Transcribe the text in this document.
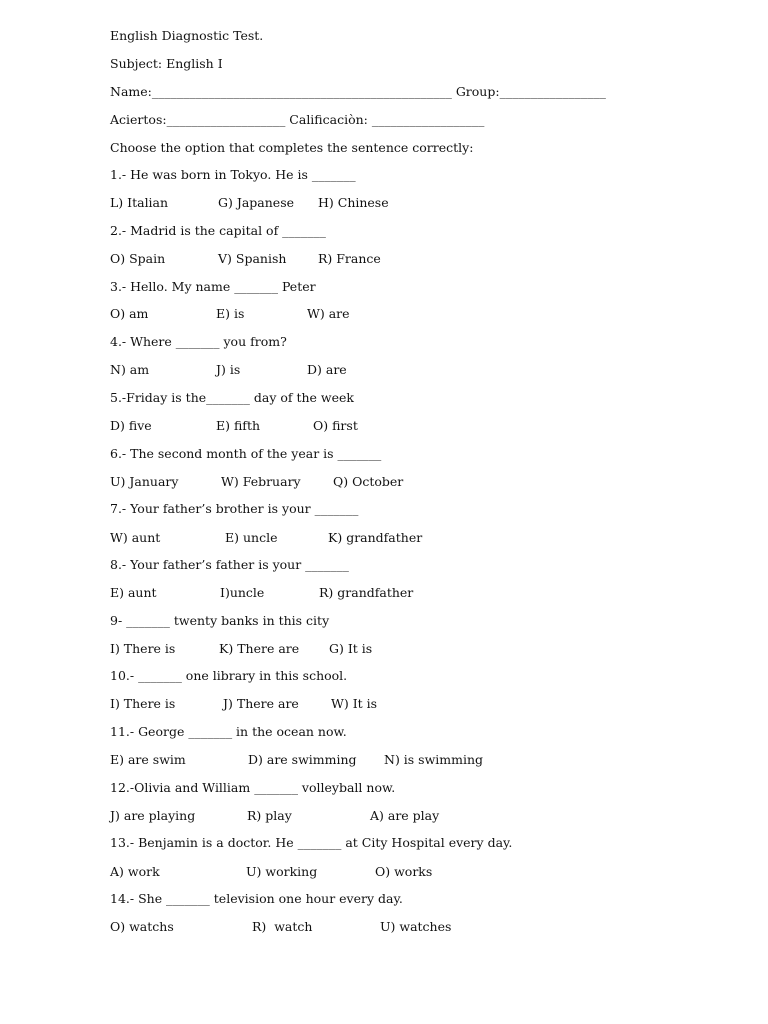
English Diagnostic Test.
Subject: English I
Name:________________________________________________ Group:_________________
Aciertos:___________________ Calificaciòn: __________________
Choose the option that completes the sentence correctly:
1.- He was born in Tokyo. He is _______
L) Italian	G) Japanese H) Chinese
2.- Madrid is the capital of _______
O) Spain	V) Spanish	R) France
3.- Hello. My name _______ Peter
O) am	E) is	W) are
4.- Where _______ you from?
N) am	J) is	D) are
5.-Friday is the_______ day of the week
D) five	E) fifth	O) first
6.- The second month of the year is _______
U) January	W) February	Q) October
7.- Your father’s brother is your _______
W) aunt	E) uncle	K) grandfather
8.- Your father’s father is your _______
E) aunt	I)uncle	R) grandfather
9- _______ twenty banks in this city
I) There is	K) There are G) It is
10.- _______ one library in this school.
I) There is	J) There are	W) It is
11.- George _______ in the ocean now.
E) are swim	D) are swimming N) is swimming
12.-Olivia and William _______ volleyball now.
J) are playing	R) play	A) are play
13.- Benjamin is a doctor. He _______ at City Hospital every day.
A) work	U) working	O) works
14.- She _______ television one hour every day.
O) watchs	R)  watch	U) watches
